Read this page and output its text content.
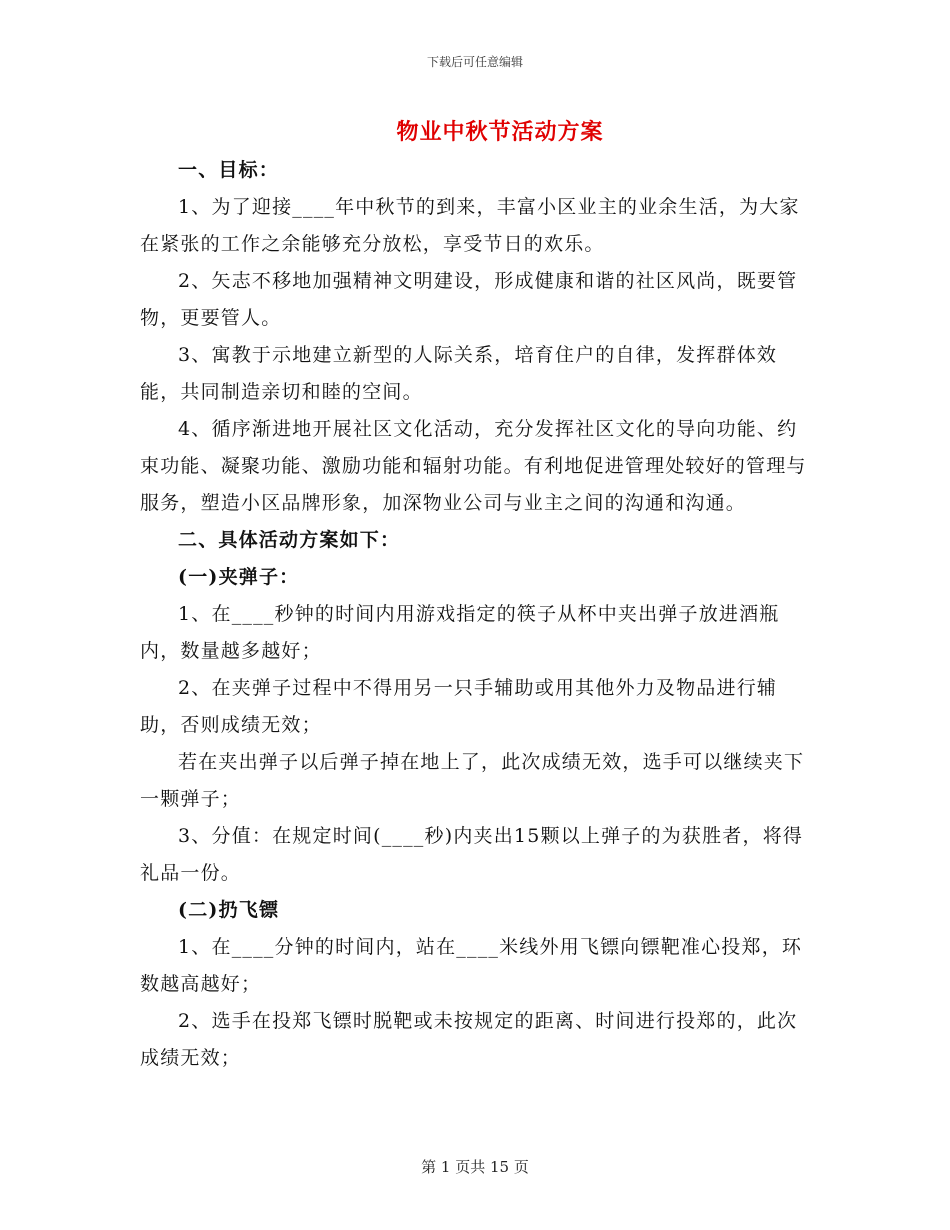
下载后可任意编辑
物业中秋节活动方案

一、目标：

1、为了迎接____年中秋节的到来，丰富小区业主的业余生活，为大家在紧张的工作之余能够充分放松，享受节日的欢乐。

2、矢志不移地加强精神文明建设，形成健康和谐的社区风尚，既要管物，更要管人。

3、寓教于示地建立新型的人际关系，培育住户的自律，发挥群体效能，共同制造亲切和睦的空间。

4、循序渐进地开展社区文化活动，充分发挥社区文化的导向功能、约束功能、凝聚功能、激励功能和辐射功能。有利地促进管理处较好的管理与服务，塑造小区品牌形象，加深物业公司与业主之间的沟通和沟通。

二、具体活动方案如下：

(一)夹弹子：

1、在____秒钟的时间内用游戏指定的筷子从杯中夹出弹子放进酒瓶内，数量越多越好；

2、在夹弹子过程中不得用另一只手辅助或用其他外力及物品进行辅助，否则成绩无效；

若在夹出弹子以后弹子掉在地上了，此次成绩无效，选手可以继续夹下一颗弹子；

3、分值：在规定时间(____秒)内夹出15颗以上弹子的为获胜者，将得礼品一份。

(二)扔飞镖

1、在____分钟的时间内，站在____米线外用飞镖向镖靶准心投郑，环数越高越好；

2、选手在投郑飞镖时脱靶或未按规定的距离、时间进行投郑的，此次成绩无效；

第 1 页共 15 页
